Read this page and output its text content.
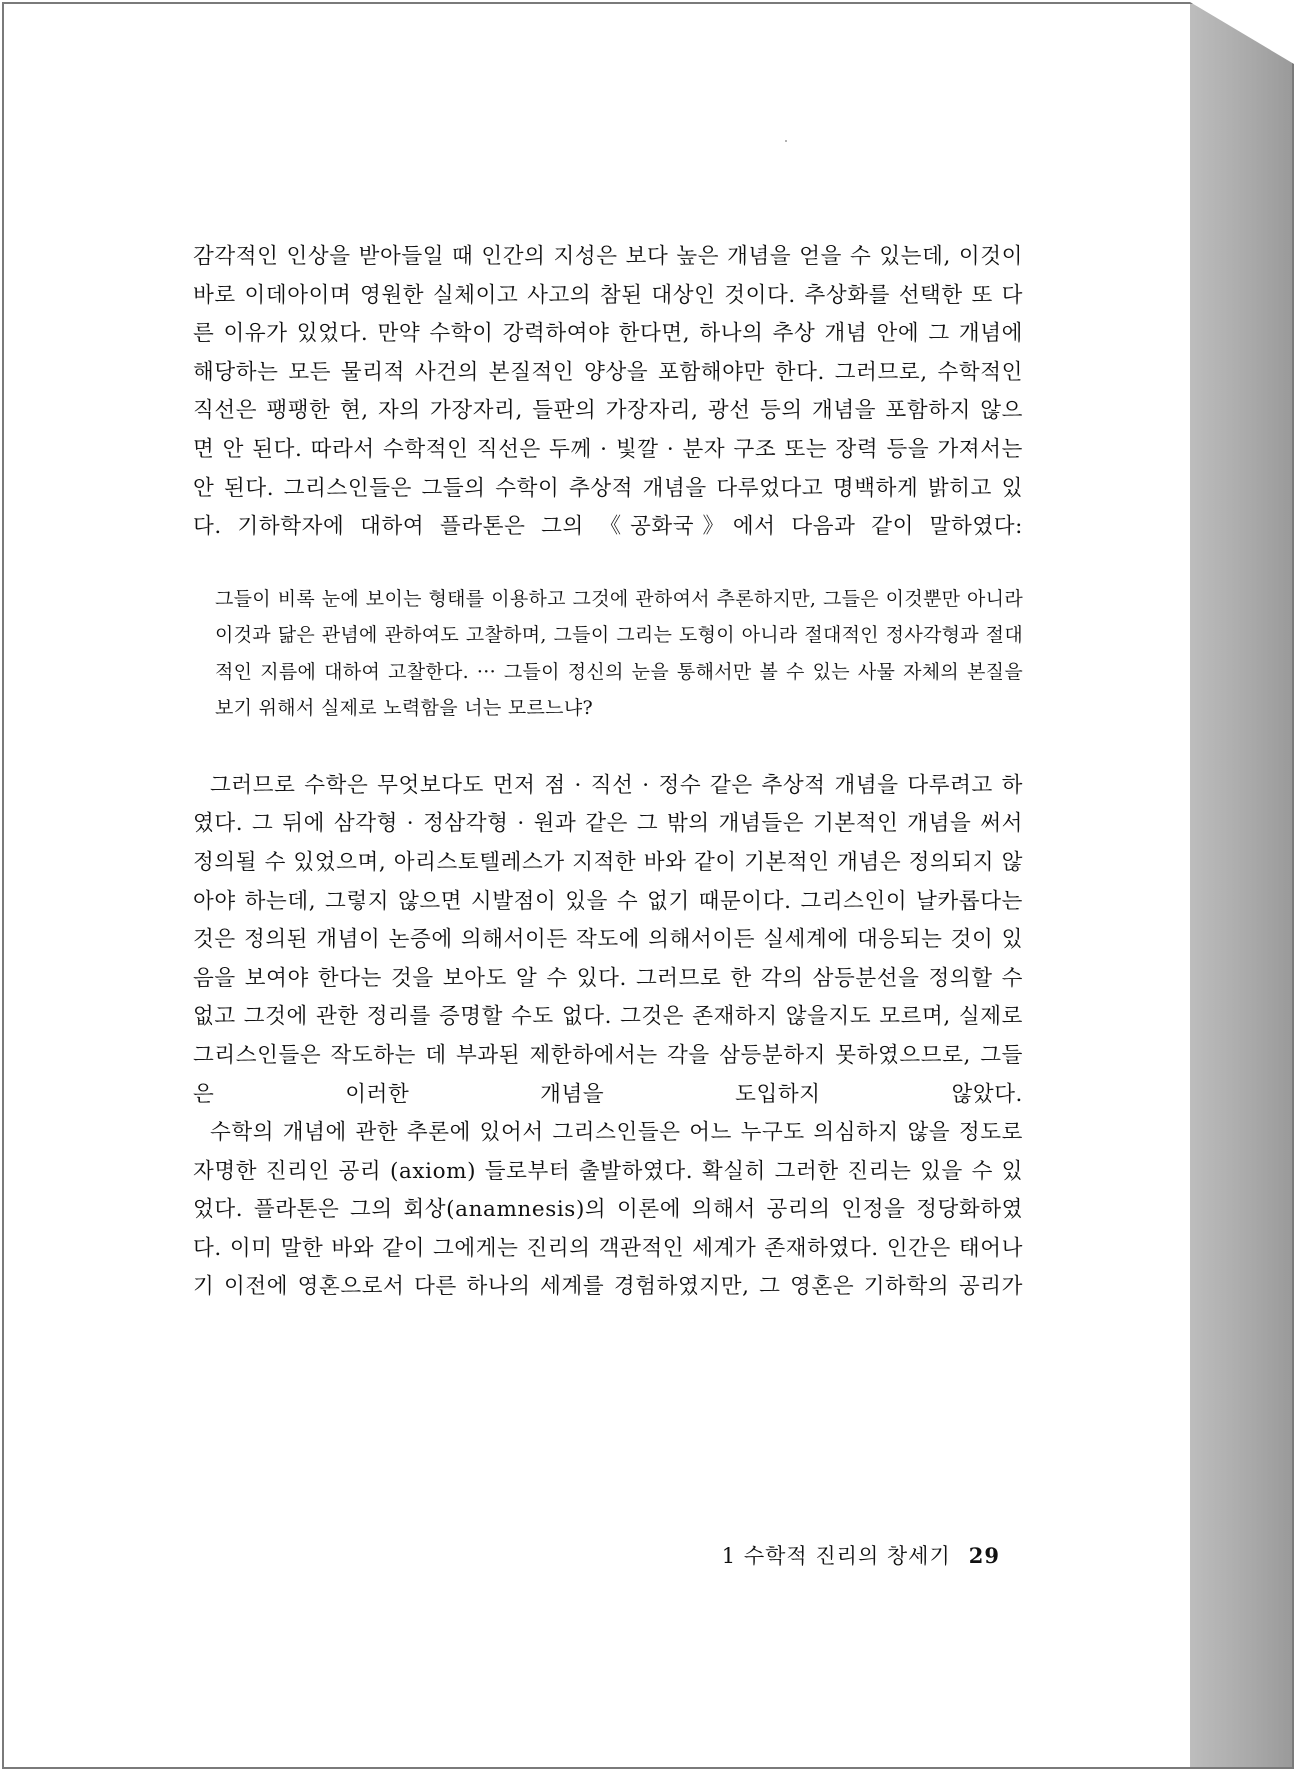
감각적인 인상을 받아들일 때 인간의 지성은 보다 높은 개념을 얻을 수 있는데, 이것이 바로 이데아이며 영원한 실체이고 사고의 참된 대상인 것이다. 추상화를 선택한 또 다른 이유가 있었다. 만약 수학이 강력하여야 한다면, 하나의 추상 개념 안에 그 개념에 해당하는 모든 물리적 사건의 본질적인 양상을 포함해야만 한다. 그러므로, 수학적인 직선은 팽팽한 현, 자의 가장자리, 들판의 가장자리, 광선 등의 개념을 포함하지 않으면 안 된다. 따라서 수학적인 직선은 두께 · 빛깔 · 분자 구조 또는 장력 등을 가져서는 안 된다. 그리스인들은 그들의 수학이 추상적 개념을 다루었다고 명백하게 밝히고 있다. 기하학자에 대하여 플라톤은 그의 《공화국》에서 다음과 같이 말하였다:

그들이 비록 눈에 보이는 형태를 이용하고 그것에 관하여서 추론하지만, 그들은 이것뿐만 아니라 이것과 닮은 관념에 관하여도 고찰하며, 그들이 그리는 도형이 아니라 절대적인 정사각형과 절대적인 지름에 대하여 고찰한다. ··· 그들이 정신의 눈을 통해서만 볼 수 있는 사물 자체의 본질을 보기 위해서 실제로 노력함을 너는 모르느냐?

그러므로 수학은 무엇보다도 먼저 점 · 직선 · 정수 같은 추상적 개념을 다루려고 하였다. 그 뒤에 삼각형 · 정삼각형 · 원과 같은 그 밖의 개념들은 기본적인 개념을 써서 정의될 수 있었으며, 아리스토텔레스가 지적한 바와 같이 기본적인 개념은 정의되지 않아야 하는데, 그렇지 않으면 시발점이 있을 수 없기 때문이다. 그리스인이 날카롭다는 것은 정의된 개념이 논증에 의해서이든 작도에 의해서이든 실세계에 대응되는 것이 있음을 보여야 한다는 것을 보아도 알 수 있다. 그러므로 한 각의 삼등분선을 정의할 수 없고 그것에 관한 정리를 증명할 수도 없다. 그것은 존재하지 않을지도 모르며, 실제로 그리스인들은 작도하는 데 부과된 제한하에서는 각을 삼등분하지 못하였으므로, 그들은 이러한 개념을 도입하지 않았다.

수학의 개념에 관한 추론에 있어서 그리스인들은 어느 누구도 의심하지 않을 정도로 자명한 진리인 공리 (axiom) 들로부터 출발하였다. 확실히 그러한 진리는 있을 수 있었다. 플라톤은 그의 회상(anamnesis)의 이론에 의해서 공리의 인정을 정당화하였다. 이미 말한 바와 같이 그에게는 진리의 객관적인 세계가 존재하였다. 인간은 태어나기 이전에 영혼으로서 다른 하나의 세계를 경험하였지만, 그 영혼은 기하학의 공리가

1 수학적 진리의 창세기 29
